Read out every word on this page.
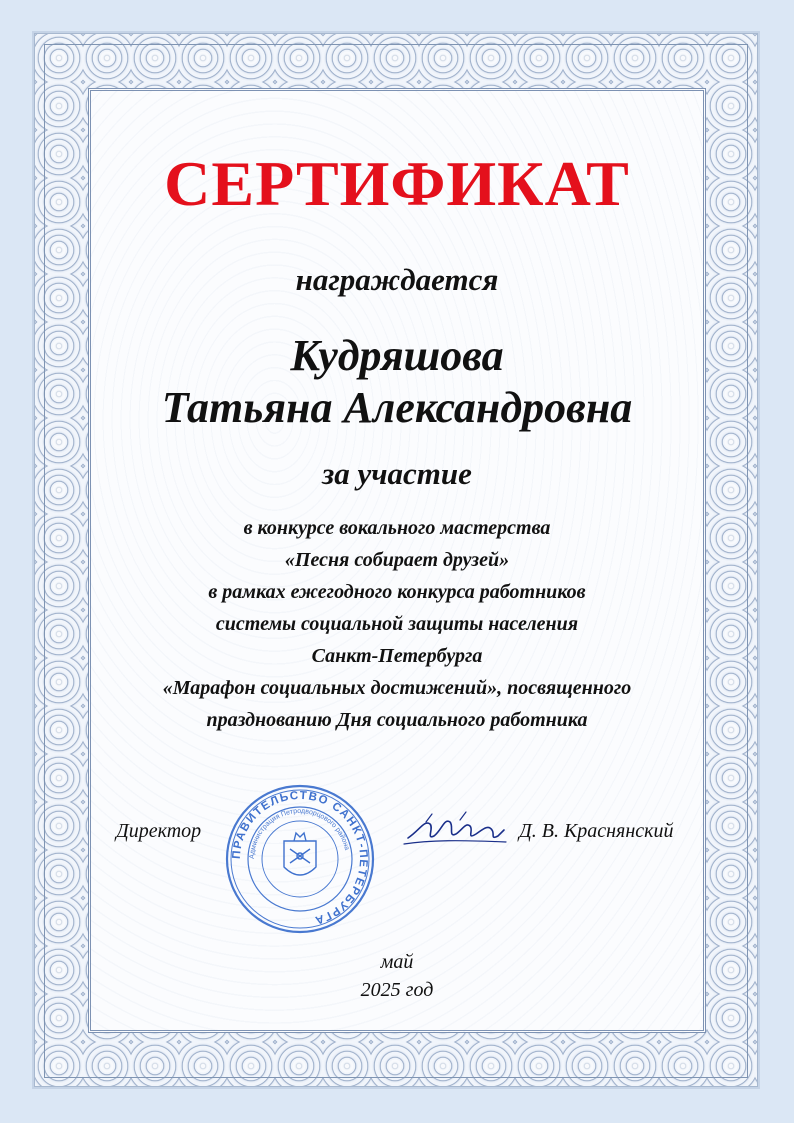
СЕРТИФИКАТ
награждается
Кудряшова
Татьяна Александровна
за участие
в конкурсе вокального мастерства
«Песня собирает друзей»
в рамках ежегодного конкурса работников
системы социальной защиты населения
Санкт-Петербурга
«Марафон социальных достижений», посвященного
празднованию Дня социального работника
Директор
ПРАВИТЕЛЬСТВО САНКТ-ПЕТЕРБУРГА
Администрация Петродворцового района
Д. В. Краснянский
май
2025 год
